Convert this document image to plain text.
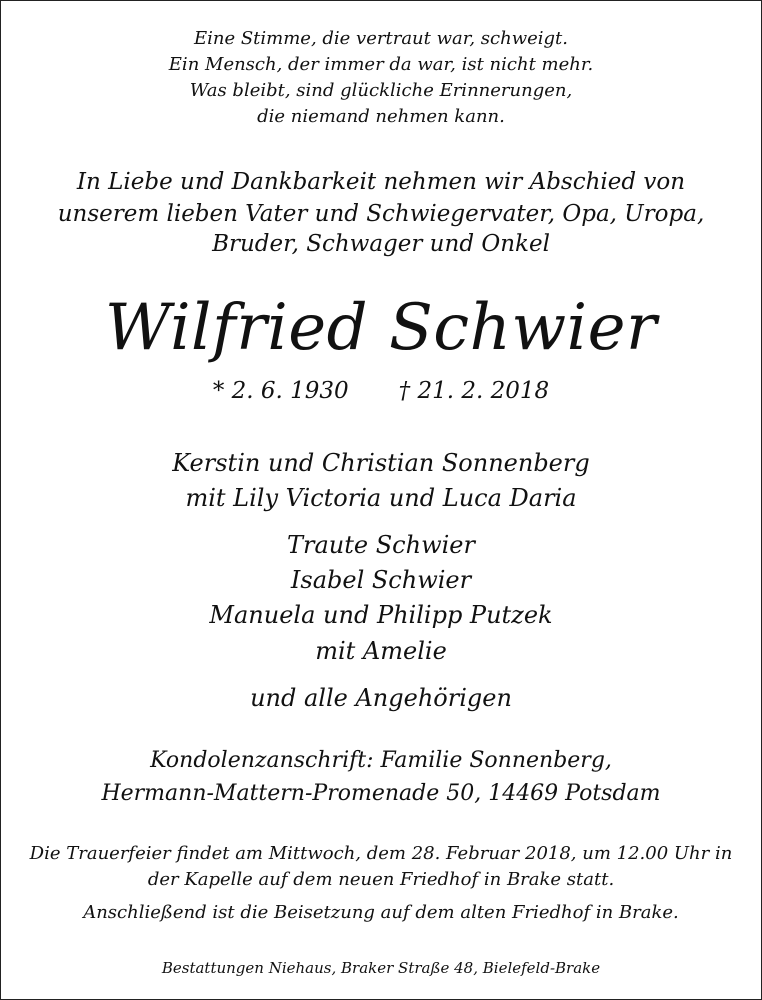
Eine Stimme, die vertraut war, schweigt.
Ein Mensch, der immer da war, ist nicht mehr.
Was bleibt, sind glückliche Erinnerungen,
die niemand nehmen kann.
In Liebe und Dankbarkeit nehmen wir Abschied von
unserem lieben Vater und Schwiegervater, Opa, Uropa,
Bruder, Schwager und Onkel
Wilfried Schwier
* 2. 6. 1930 † 21. 2. 2018
Kerstin und Christian Sonnenberg
mit Lily Victoria und Luca Daria
Traute Schwier
Isabel Schwier
Manuela und Philipp Putzek
mit Amelie
und alle Angehörigen
Kondolenzanschrift: Familie Sonnenberg,
Hermann-Mattern-Promenade 50, 14469 Potsdam
Die Trauerfeier findet am Mittwoch, dem 28. Februar 2018, um 12.00 Uhr in
der Kapelle auf dem neuen Friedhof in Brake statt.
Anschließend ist die Beisetzung auf dem alten Friedhof in Brake.
Bestattungen Niehaus, Braker Straße 48, Bielefeld-Brake
